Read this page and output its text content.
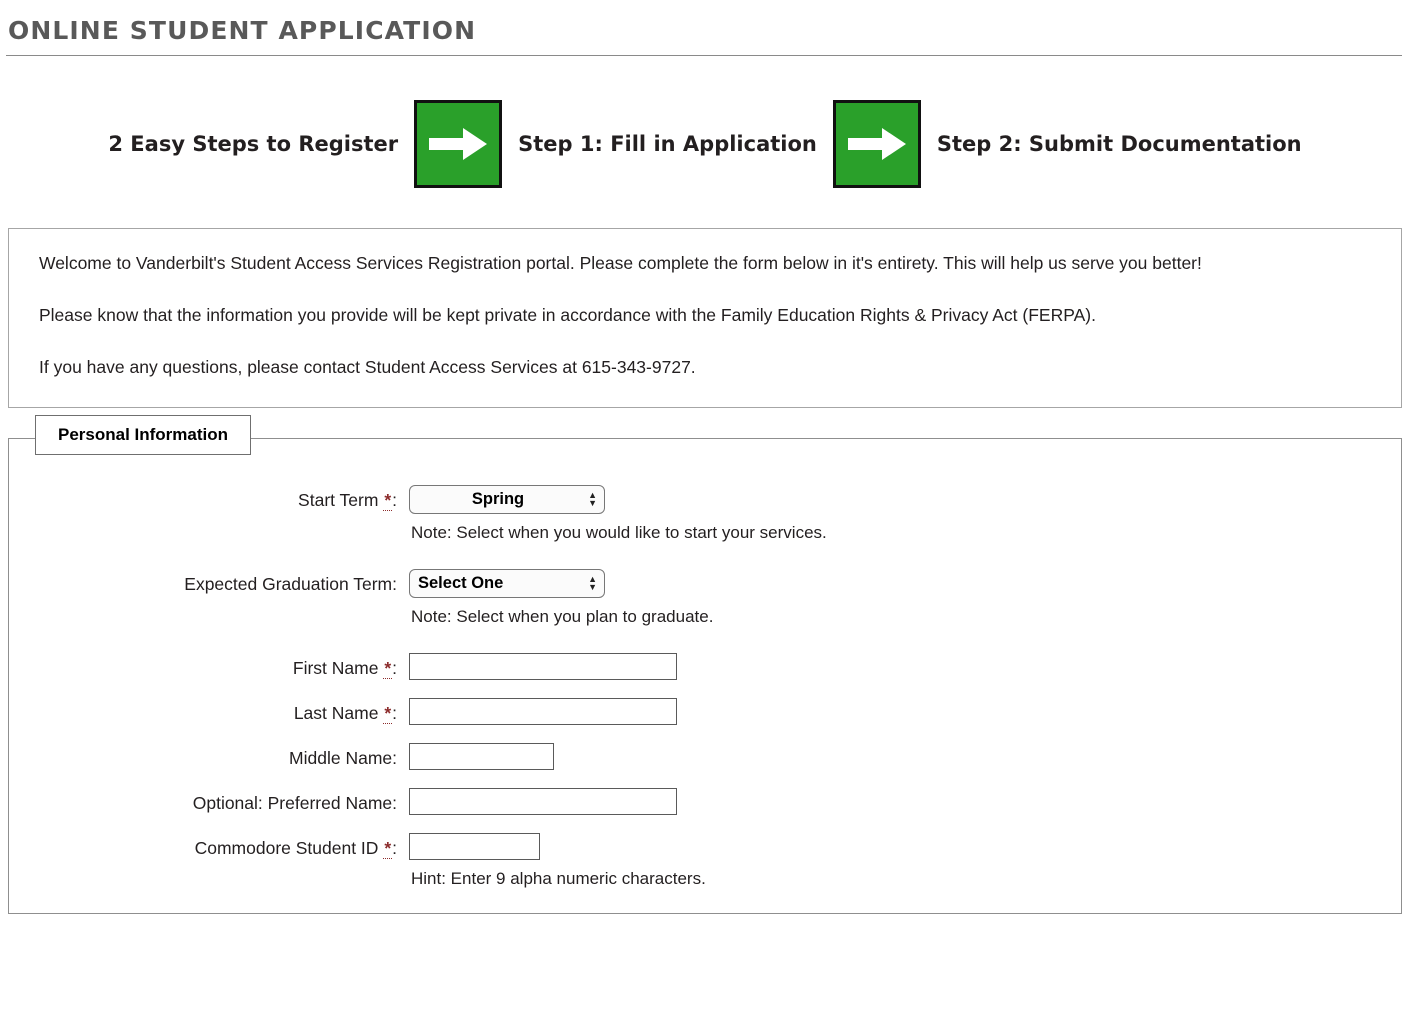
ONLINE STUDENT APPLICATION
2 Easy Steps to Register	Step 1: Fill in Application	Step 2: Submit Documentation

Welcome to Vanderbilt's Student Access Services Registration portal. Please complete the form below in it's entirety. This will help us serve you better!

Please know that the information you provide will be kept private in accordance with the Family Education Rights & Privacy Act (FERPA).

If you have any questions, please contact Student Access Services at 615-343-9727.

Personal Information
Start Term *:
Spring	▲
▼
Note: Select when you would like to start your services.
Expected Graduation Term:
Select One	▲
▼
Note: Select when you plan to graduate.
First Name *:
Last Name *:
Middle Name:
Optional: Preferred Name:
Commodore Student ID *:
Hint: Enter 9 alpha numeric characters.
